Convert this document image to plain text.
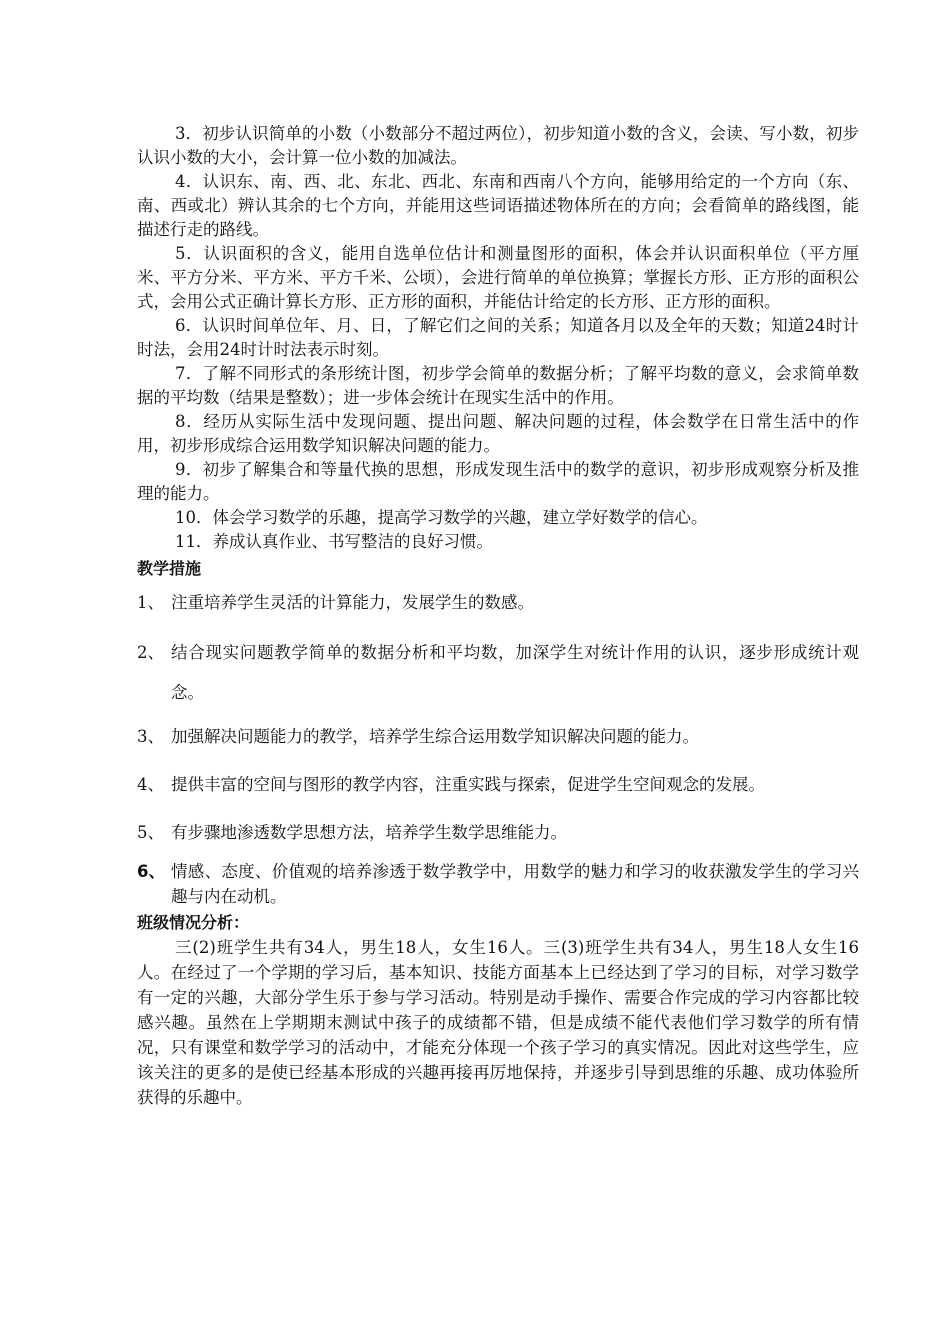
3．初步认识简单的小数（小数部分不超过两位），初步知道小数的含义，会读、写小数，初步认识小数的大小，会计算一位小数的加减法。

4．认识东、南、西、北、东北、西北、东南和西南八个方向，能够用给定的一个方向（东、南、西或北）辨认其余的七个方向，并能用这些词语描述物体所在的方向；会看简单的路线图，能描述行走的路线。

5．认识面积的含义，能用自选单位估计和测量图形的面积，体会并认识面积单位（平方厘米、平方分米、平方米、平方千米、公顷），会进行简单的单位换算；掌握长方形、正方形的面积公式，会用公式正确计算长方形、正方形的面积，并能估计给定的长方形、正方形的面积。

6．认识时间单位年、月、日，了解它们之间的关系；知道各月以及全年的天数；知道24时计时法，会用24时计时法表示时刻。

7．了解不同形式的条形统计图，初步学会简单的数据分析；了解平均数的意义，会求简单数据的平均数（结果是整数）；进一步体会统计在现实生活中的作用。

8．经历从实际生活中发现问题、提出问题、解决问题的过程，体会数学在日常生活中的作用，初步形成综合运用数学知识解决问题的能力。

9．初步了解集合和等量代换的思想，形成发现生活中的数学的意识，初步形成观察分析及推理的能力。

10．体会学习数学的乐趣，提高学习数学的兴趣，建立学好数学的信心。

11．养成认真作业、书写整洁的良好习惯。

教学措施

1、 注重培养学生灵活的计算能力，发展学生的数感。
2、 结合现实问题教学简单的数据分析和平均数，加深学生对统计作用的认识，逐步形成统计观念。
3、 加强解决问题能力的教学，培养学生综合运用数学知识解决问题的能力。
4、 提供丰富的空间与图形的教学内容，注重实践与探索，促进学生空间观念的发展。
5、 有步骤地渗透数学思想方法，培养学生数学思维能力。
6、 情感、态度、价值观的培养渗透于数学教学中，用数学的魅力和学习的收获激发学生的学习兴趣与内在动机。

班级情况分析：

三(2)班学生共有34人，男生18人，女生16人。三(3)班学生共有34人，男生18人女生16人。在经过了一个学期的学习后，基本知识、技能方面基本上已经达到了学习的目标，对学习数学有一定的兴趣，大部分学生乐于参与学习活动。特别是动手操作、需要合作完成的学习内容都比较感兴趣。虽然在上学期期末测试中孩子的成绩都不错，但是成绩不能代表他们学习数学的所有情况，只有课堂和数学学习的活动中，才能充分体现一个孩子学习的真实情况。因此对这些学生，应该关注的更多的是使已经基本形成的兴趣再接再厉地保持，并逐步引导到思维的乐趣、成功体验所获得的乐趣中。
